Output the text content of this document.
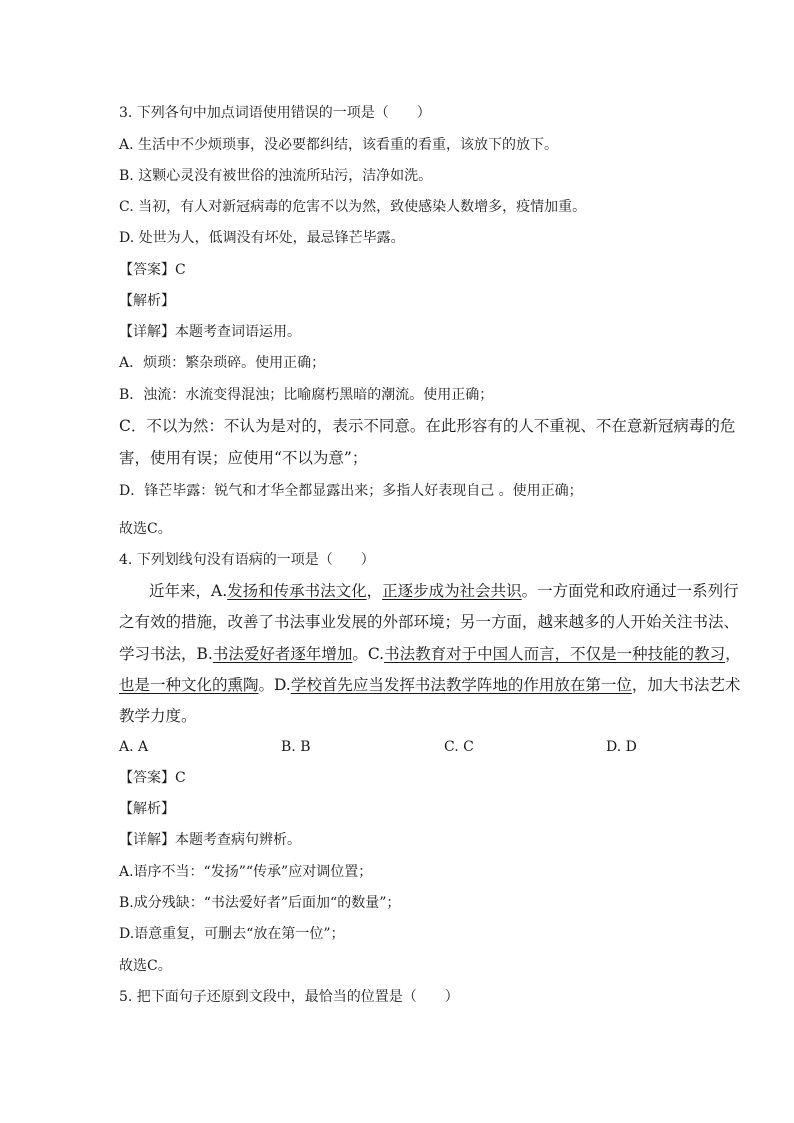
3. 下列各句中加点词语使用错误的一项是（　　）
A. 生活中不少烦琐事，没必要都纠结，该看重的看重，该放下的放下。
B. 这颗心灵没有被世俗的浊流所玷污，洁净如洗。
C. 当初，有人对新冠病毒的危害不以为然，致使感染人数增多，疫情加重。
D. 处世为人，低调没有坏处，最忌锋芒毕露。
【答案】C
【解析】
【详解】本题考查词语运用。
A．烦琐：繁杂琐碎。使用正确；
B．浊流：水流变得混浊；比喻腐朽黑暗的潮流。使用正确；
C．不以为然：不认为是对的，表示不同意。在此形容有的人不重视、不在意新冠病毒的危
害，使用有误；应使用“不以为意”；
D．锋芒毕露：锐气和才华全都显露出来；多指人好表现自己 。使用正确；
故选C。
4. 下列划线句没有语病的一项是（　　）
近年来，A.发扬和传承书法文化，正逐步成为社会共识。一方面党和政府通过一系列行
之有效的措施，改善了书法事业发展的外部环境；另一方面，越来越多的人开始关注书法、
学习书法，B.书法爱好者逐年增加。C.书法教育对于中国人而言，不仅是一种技能的教习，
也是一种文化的熏陶。D.学校首先应当发挥书法教学阵地的作用放在第一位，加大书法艺术
教学力度。
A. A	B. B	C. C	D. D
【答案】C
【解析】
【详解】本题考查病句辨析。
A.语序不当：“发扬”“传承”应对调位置；
B.成分残缺：“书法爱好者”后面加“的数量”；
D.语意重复，可删去“放在第一位”；
故选C。
5. 把下面句子还原到文段中，最恰当的位置是（　　）
